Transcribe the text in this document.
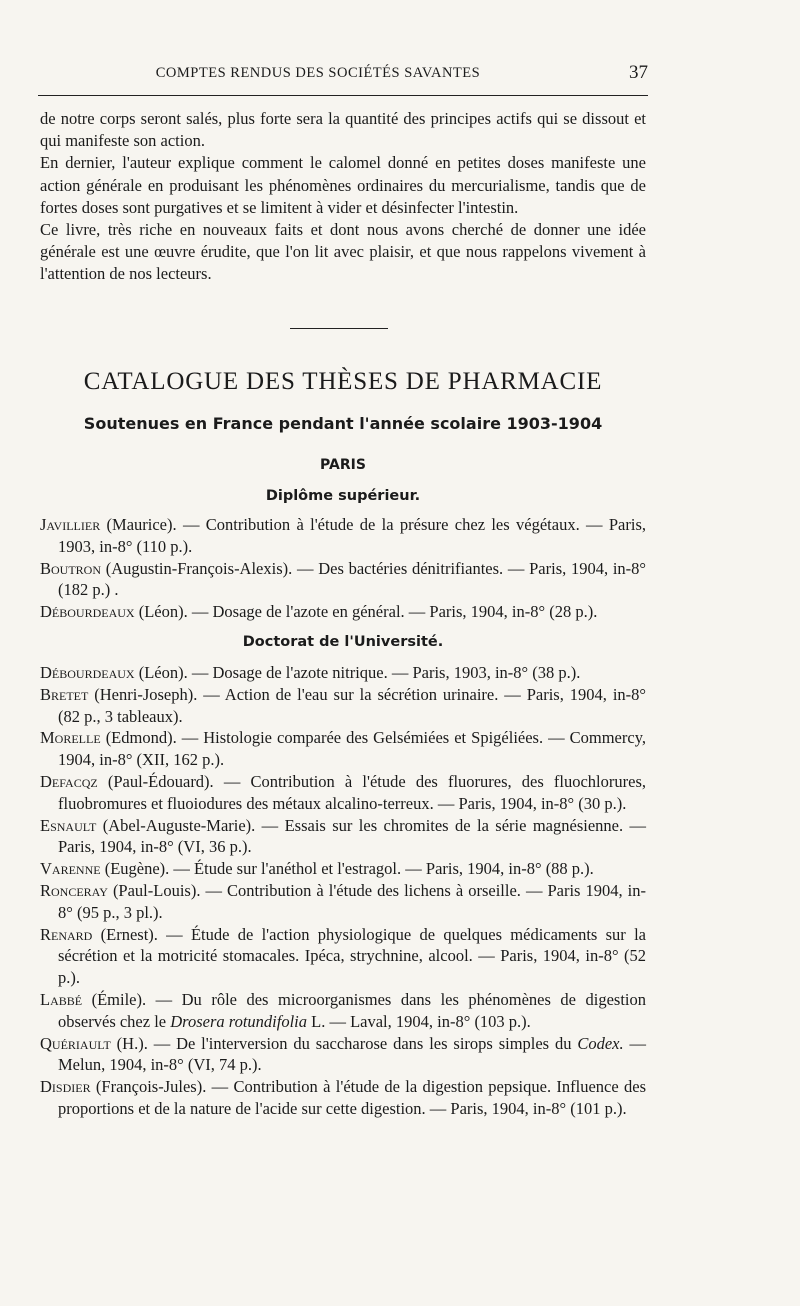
COMPTES RENDUS DES SOCIÉTÉS SAVANTES	37

de notre corps seront salés, plus forte sera la quantité des principes actifs qui se dissout et qui manifeste son action.

En dernier, l'auteur explique comment le calomel donné en petites doses manifeste une action générale en produisant les phénomènes ordinaires du mercurialisme, tandis que de fortes doses sont purgatives et se limitent à vider et désinfecter l'intestin.

Ce livre, très riche en nouveaux faits et dont nous avons cherché de donner une idée générale est une œuvre érudite, que l'on lit avec plaisir, et que nous rappelons vivement à l'attention de nos lecteurs.

CATALOGUE DES THÈSES DE PHARMACIE
Soutenues en France pendant l'année scolaire 1903-1904
PARIS
Diplôme supérieur.
Javillier (Maurice). — Contribution à l'étude de la présure chez les végétaux. — Paris, 1903, in-8° (110 p.).
Boutron (Augustin-François-Alexis). — Des bactéries dénitrifiantes. — Paris, 1904, in-8° (182 p.) .
Débourdeaux (Léon). — Dosage de l'azote en général. — Paris, 1904, in-8° (28 p.).
Doctorat de l'Université.
Débourdeaux (Léon). — Dosage de l'azote nitrique. — Paris, 1903, in-8° (38 p.).
Bretet (Henri-Joseph). — Action de l'eau sur la sécrétion urinaire. — Paris, 1904, in-8° (82 p., 3 tableaux).
Morelle (Edmond). — Histologie comparée des Gelsémiées et Spigéliées. — Commercy, 1904, in-8° (XII, 162 p.).
Defacqz (Paul-Édouard). — Contribution à l'étude des fluorures, des fluochlorures, fluobromures et fluoiodures des métaux alcalino-terreux. — Paris, 1904, in-8° (30 p.).
Esnault (Abel-Auguste-Marie). — Essais sur les chromites de la série magnésienne. — Paris, 1904, in-8° (VI, 36 p.).
Varenne (Eugène). — Étude sur l'anéthol et l'estragol. — Paris, 1904, in-8° (88 p.).
Ronceray (Paul-Louis). — Contribution à l'étude des lichens à orseille. — Paris 1904, in-8° (95 p., 3 pl.).
Renard (Ernest). — Étude de l'action physiologique de quelques médicaments sur la sécrétion et la motricité stomacales. Ipéca, strychnine, alcool. — Paris, 1904, in-8° (52 p.).
Labbé (Émile). — Du rôle des microorganismes dans les phénomènes de digestion observés chez le Drosera rotundifolia L. — Laval, 1904, in-8° (103 p.).
Quériault (H.). — De l'interversion du saccharose dans les sirops simples du Codex. — Melun, 1904, in-8° (VI, 74 p.).
Disdier (François-Jules). — Contribution à l'étude de la digestion pepsique. Influence des proportions et de la nature de l'acide sur cette digestion. — Paris, 1904, in-8° (101 p.).
